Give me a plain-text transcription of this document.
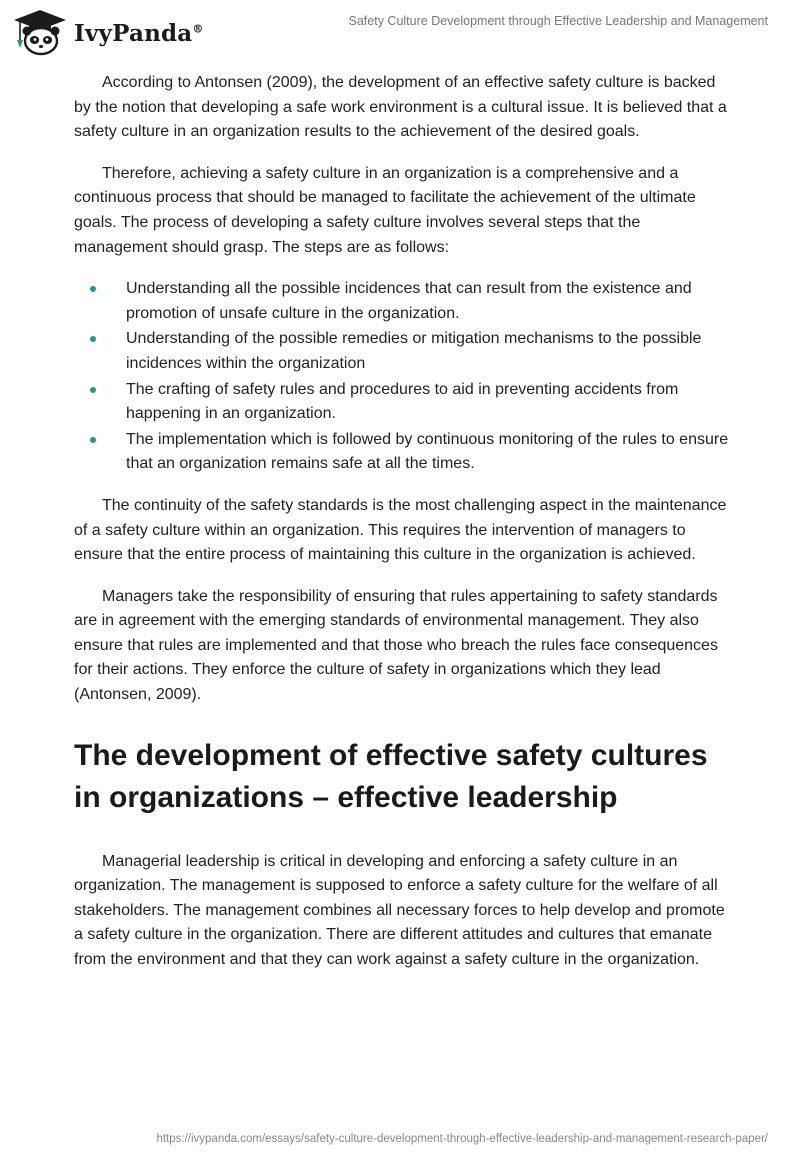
IvyPanda®
Safety Culture Development through Effective Leadership and Management

According to Antonsen (2009), the development of an effective safety culture is backed by the notion that developing a safe work environment is a cultural issue. It is believed that a safety culture in an organization results to the achievement of the desired goals.

Therefore, achieving a safety culture in an organization is a comprehensive and a continuous process that should be managed to facilitate the achievement of the ultimate goals. The process of developing a safety culture involves several steps that the management should grasp. The steps are as follows:

Understanding all the possible incidences that can result from the existence and promotion of unsafe culture in the organization.
Understanding of the possible remedies or mitigation mechanisms to the possible incidences within the organization
The crafting of safety rules and procedures to aid in preventing accidents from happening in an organization.
The implementation which is followed by continuous monitoring of the rules to ensure that an organization remains safe at all the times.

The continuity of the safety standards is the most challenging aspect in the maintenance of a safety culture within an organization. This requires the intervention of managers to ensure that the entire process of maintaining this culture in the organization is achieved.

Managers take the responsibility of ensuring that rules appertaining to safety standards are in agreement with the emerging standards of environmental management. They also ensure that rules are implemented and that those who breach the rules face consequences for their actions. They enforce the culture of safety in organizations which they lead (Antonsen, 2009).

The development of effective safety cultures in organizations – effective leadership

Managerial leadership is critical in developing and enforcing a safety culture in an organization. The management is supposed to enforce a safety culture for the welfare of all stakeholders. The management combines all necessary forces to help develop and promote a safety culture in the organization. There are different attitudes and cultures that emanate from the environment and that they can work against a safety culture in the organization.

https://ivypanda.com/essays/safety-culture-development-through-effective-leadership-and-management-research-paper/
